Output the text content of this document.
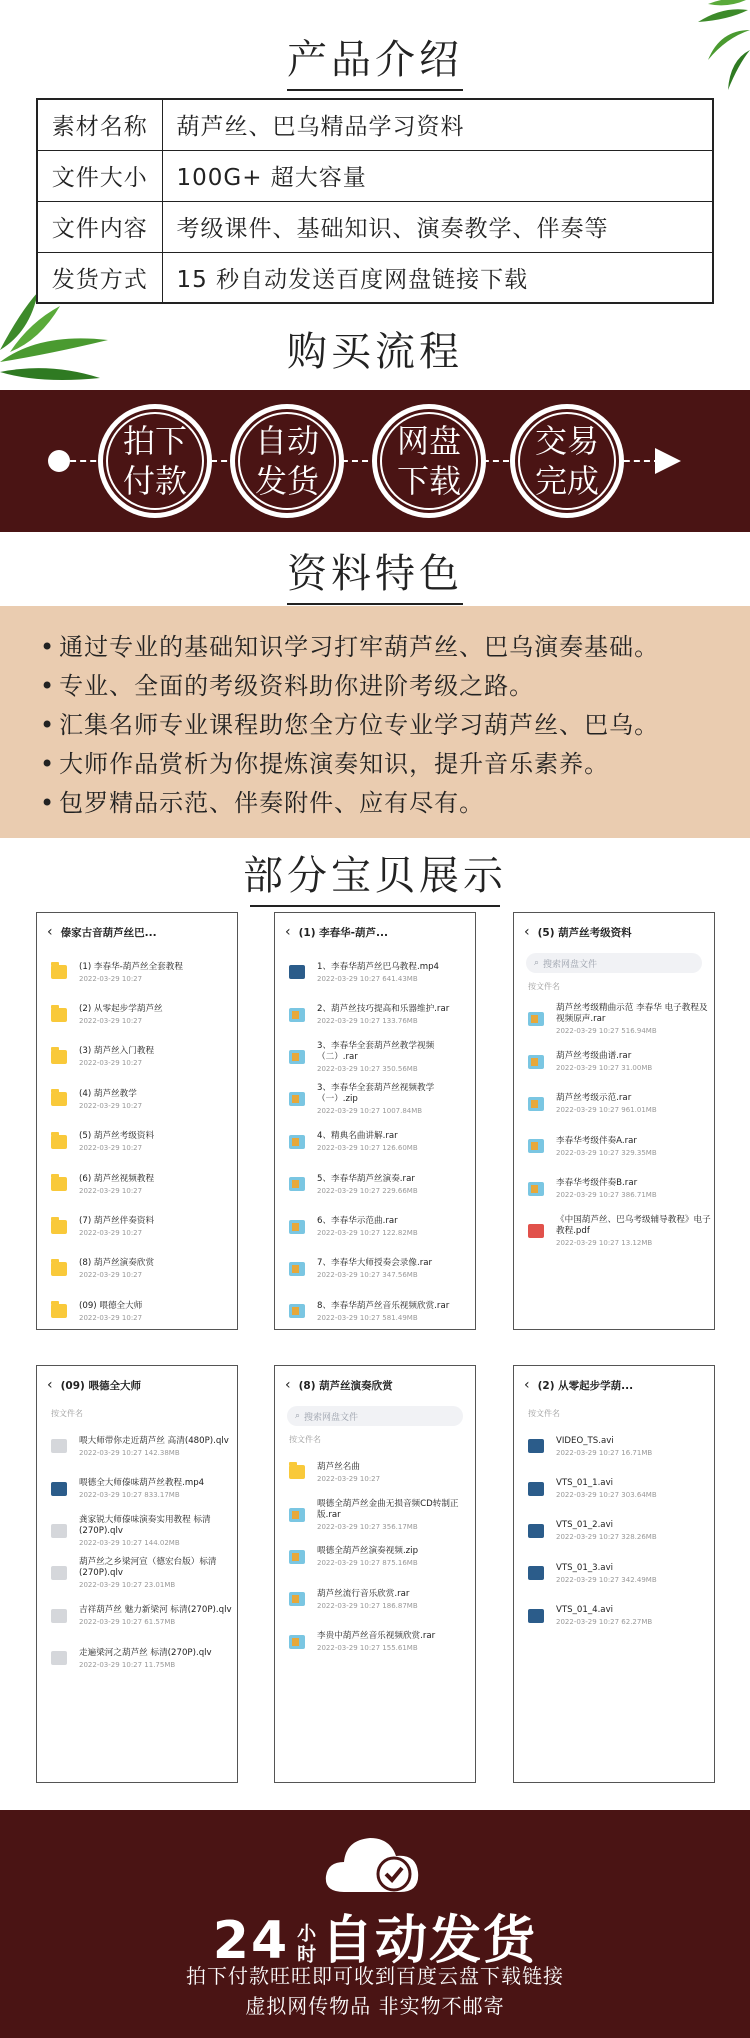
产品介绍
素材名称	葫芦丝、巴乌精品学习资料
文件大小	100G+ 超大容量
文件内容	考级课件、基础知识、演奏教学、伴奏等
发货方式	15 秒自动发送百度网盘链接下载
购买流程
拍下
付款
自动
发货
网盘
下载
交易
完成
资料特色
• 通过专业的基础知识学习打牢葫芦丝、巴乌演奏基础。
• 专业、全面的考级资料助你进阶考级之路。
• 汇集名师专业课程助您全方位专业学习葫芦丝、巴乌。
• 大师作品赏析为你提炼演奏知识，提升音乐素养。
• 包罗精品示范、伴奏附件、应有尽有。
部分宝贝展示
‹ 傣家古音葫芦丝巴...
(1) 李春华-葫芦丝全套教程
2022-03-29 10:27
(2) 从零起步学葫芦丝
2022-03-29 10:27
(3) 葫芦丝入门教程
2022-03-29 10:27
(4) 葫芦丝教学
2022-03-29 10:27
(5) 葫芦丝考级资料
2022-03-29 10:27
(6) 葫芦丝视频教程
2022-03-29 10:27
(7) 葫芦丝伴奏资料
2022-03-29 10:27
(8) 葫芦丝演奏欣赏
2022-03-29 10:27
(09) 喂德全大师
2022-03-29 10:27
‹ (1) 李春华-葫芦...
1、李春华葫芦丝巴乌教程.mp4
2022-03-29 10:27 641.43MB
2、葫芦丝技巧提高和乐器维护.rar
2022-03-29 10:27 133.76MB
3、李春华全套葫芦丝教学视频（二）.rar
2022-03-29 10:27 350.56MB
3、李春华全套葫芦丝视频教学（一）.zip
2022-03-29 10:27 1007.84MB
4、精典名曲讲解.rar
2022-03-29 10:27 126.60MB
5、李春华葫芦丝演奏.rar
2022-03-29 10:27 229.66MB
6、李春华示范曲.rar
2022-03-29 10:27 122.82MB
7、李春华大师授奏会录像.rar
2022-03-29 10:27 347.56MB
8、李春华葫芦丝音乐视频欣赏.rar
2022-03-29 10:27 581.49MB
‹ (5) 葫芦丝考级资料
⌕ 搜索网盘文件
按文件名
葫芦丝考级精曲示范 李春华 电子教程及视频原声.rar
2022-03-29 10:27 516.94MB
葫芦丝考级曲谱.rar
2022-03-29 10:27 31.00MB
葫芦丝考级示范.rar
2022-03-29 10:27 961.01MB
李春华考级伴奏A.rar
2022-03-29 10:27 329.35MB
李春华考级伴奏B.rar
2022-03-29 10:27 386.71MB
《中国葫芦丝、巴乌考级辅导教程》电子教程.pdf
2022-03-29 10:27 13.12MB
‹ (09) 喂德全大师
按文件名
喂大师带你走近葫芦丝 高清(480P).qlv
2022-03-29 10:27 142.38MB
喂德全大师傣味葫芦丝教程.mp4
2022-03-29 10:27 833.17MB
龚家锐大师傣味演奏实用教程 标清(270P).qlv
2022-03-29 10:27 144.02MB
葫芦丝之乡梁河宣（德宏台版）标清(270P).qlv
2022-03-29 10:27 23.01MB
吉祥葫芦丝 魅力新梁河 标清(270P).qlv
2022-03-29 10:27 61.57MB
走遍梁河之葫芦丝 标清(270P).qlv
2022-03-29 10:27 11.75MB
‹ (8) 葫芦丝演奏欣赏
⌕ 搜索网盘文件
按文件名
葫芦丝名曲
2022-03-29 10:27
喂德全葫芦丝金曲无损音频CD转制正版.rar
2022-03-29 10:27 356.17MB
喂德全葫芦丝演奏视频.zip
2022-03-29 10:27 875.16MB
葫芦丝流行音乐欣赏.rar
2022-03-29 10:27 186.87MB
李贵中葫芦丝音乐视频欣赏.rar
2022-03-29 10:27 155.61MB
‹ (2) 从零起步学葫...
按文件名
VIDEO_TS.avi
2022-03-29 10:27 16.71MB
VTS_01_1.avi
2022-03-29 10:27 303.64MB
VTS_01_2.avi
2022-03-29 10:27 328.26MB
VTS_01_3.avi
2022-03-29 10:27 342.49MB
VTS_01_4.avi
2022-03-29 10:27 62.27MB
24 小时自动发货
拍下付款旺旺即可收到百度云盘下载链接
虚拟网传物品 非实物不邮寄
